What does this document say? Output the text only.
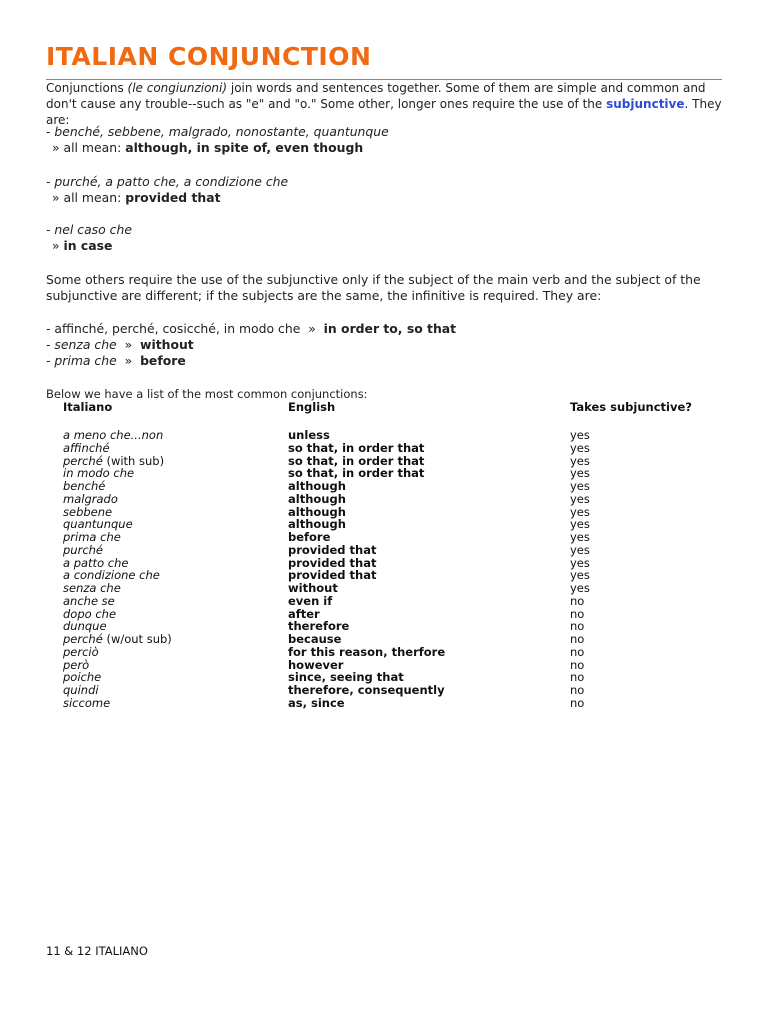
ITALIAN CONJUNCTION
Conjunctions (le congiunzioni) join words and sentences together. Some of them are simple and common and don't cause any trouble--such as "e" and "o." Some other, longer ones require the use of the subjunctive. They are:
- benché, sebbene, malgrado, nonostante, quantunque
» all mean: although, in spite of, even though
- purché, a patto che, a condizione che
» all mean: provided that
- nel caso che
» in case
Some others require the use of the subjunctive only if the subject of the main verb and the subject of the subjunctive are different; if the subjects are the same, the infinitive is required. They are:
- affinché, perché, cosicché, in modo che  »  in order to, so that
- senza che  »  without
- prima che  »  before
Below we have a list of the most common conjunctions:
Italiano	English	Takes subjunctive?
a meno che...non	unless	yes
affinché	so that, in order that	yes
perché (with sub)	so that, in order that	yes
in modo che	so that, in order that	yes
benché	although	yes
malgrado	although	yes
sebbene	although	yes
quantunque	although	yes
prima che	before	yes
purché	provided that	yes
a patto che	provided that	yes
a condizione che	provided that	yes
senza che	without	yes
anche se	even if	no
dopo che	after	no
dunque	therefore	no
perché (w/out sub)	because	no
perciò	for this reason, therfore	no
però	however	no
poiche	since, seeing that	no
quindi	therefore, consequently	no
siccome	as, since	no
11 & 12 ITALIANO
